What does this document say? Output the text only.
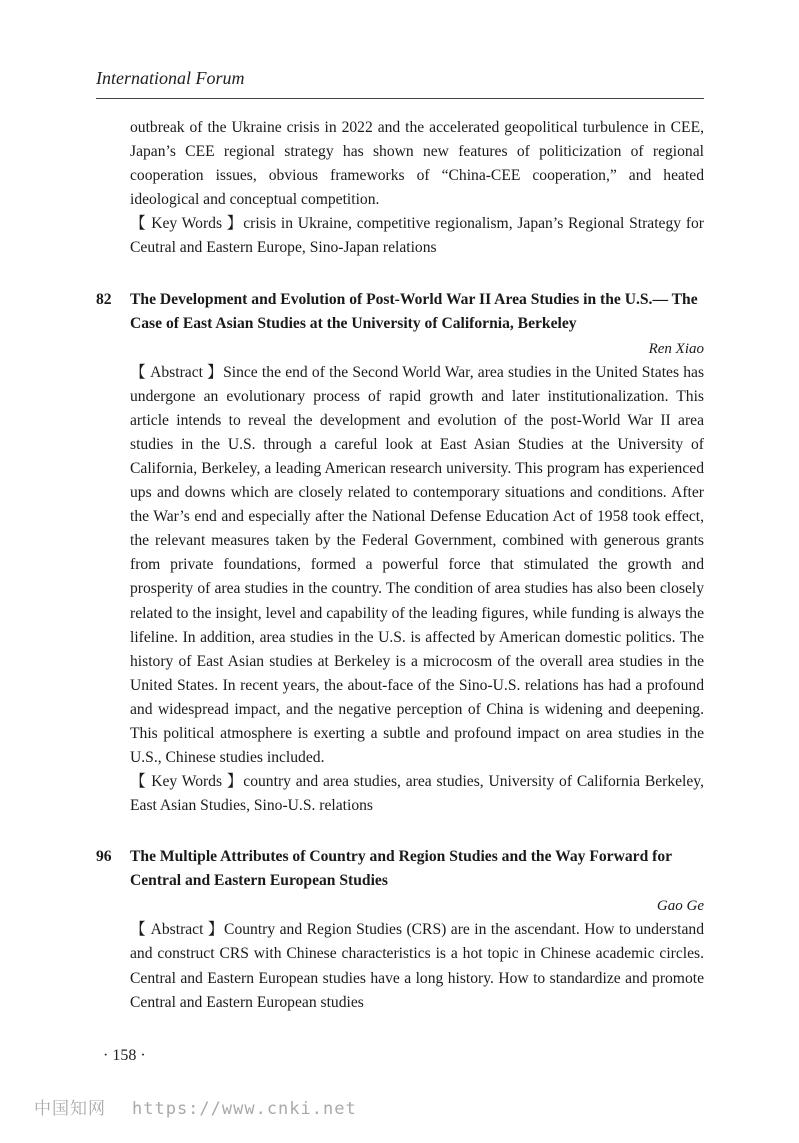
International Forum

outbreak of the Ukraine crisis in 2022 and the accelerated geopolitical turbulence in CEE, Japan’s CEE regional strategy has shown new features of politicization of regional cooperation issues, obvious frameworks of “China-CEE cooperation,” and heated ideological and conceptual competition.

【 Key Words 】crisis in Ukraine, competitive regionalism, Japan’s Regional Strategy for Ceutral and Eastern Europe, Sino-Japan relations

82 The Development and Evolution of Post-World War II Area Studies in the U.S.— The Case of East Asian Studies at the University of California, Berkeley
Ren Xiao

【 Abstract 】Since the end of the Second World War, area studies in the United States has undergone an evolutionary process of rapid growth and later institutionalization. This article intends to reveal the development and evolution of the post-World War II area studies in the U.S. through a careful look at East Asian Studies at the University of California, Berkeley, a leading American research university. This program has experienced ups and downs which are closely related to contemporary situations and conditions. After the War’s end and especially after the National Defense Education Act of 1958 took effect, the relevant measures taken by the Federal Government, combined with generous grants from private foundations, formed a powerful force that stimulated the growth and prosperity of area studies in the country. The condition of area studies has also been closely related to the insight, level and capability of the leading figures, while funding is always the lifeline. In addition, area studies in the U.S. is affected by American domestic politics. The history of East Asian studies at Berkeley is a microcosm of the overall area studies in the United States. In recent years, the about-face of the Sino-U.S. relations has had a profound and widespread impact, and the negative perception of China is widening and deepening. This political atmosphere is exerting a subtle and profound impact on area studies in the U.S., Chinese studies included.

【 Key Words 】country and area studies, area studies, University of California Berkeley, East Asian Studies, Sino-U.S. relations

96 The Multiple Attributes of Country and Region Studies and the Way Forward for Central and Eastern European Studies
Gao Ge

【 Abstract 】Country and Region Studies (CRS) are in the ascendant. How to understand and construct CRS with Chinese characteristics is a hot topic in Chinese academic circles. Central and Eastern European studies have a long history. How to standardize and promote Central and Eastern European studies

· 158 ·
中国知网 https://www.cnki.net
